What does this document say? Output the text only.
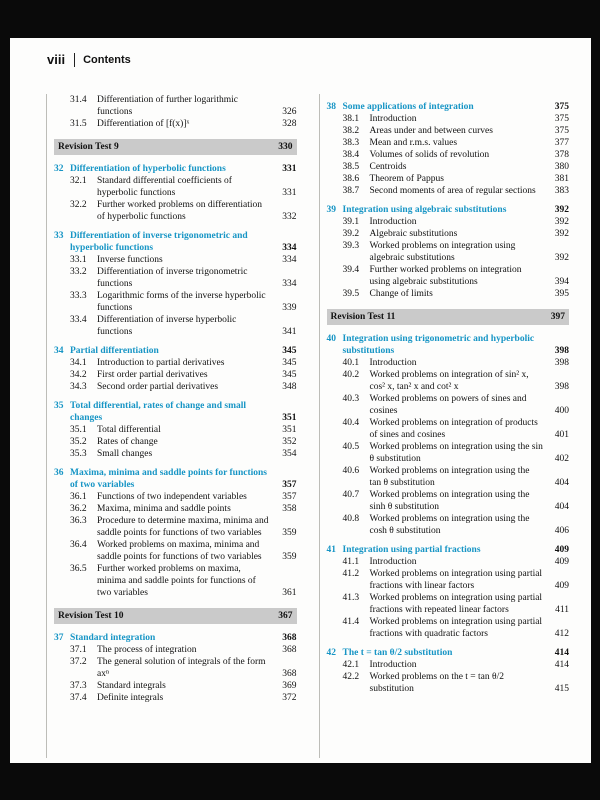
viii Contents
31.4	Differentiation of further logarithmic functions	326
31.5	Differentiation of [f(x)]ˣ	328
Revision Test 9	330
32 Differentiation of hyperbolic functions	331
32.1	Standard differential coefficients of hyperbolic functions	331
32.2	Further worked problems on differentiation of hyperbolic functions	332
33 Differentiation of inverse trigonometric and hyperbolic functions	334
33.1	Inverse functions	334
33.2	Differentiation of inverse trigonometric functions	334
33.3	Logarithmic forms of the inverse hyperbolic functions	339
33.4	Differentiation of inverse hyperbolic functions	341
34 Partial differentiation	345
34.1	Introduction to partial derivatives	345
34.2	First order partial derivatives	345
34.3	Second order partial derivatives	348
35 Total differential, rates of change and small changes	351
35.1	Total differential	351
35.2	Rates of change	352
35.3	Small changes	354
36 Maxima, minima and saddle points for functions of two variables	357
36.1	Functions of two independent variables	357
36.2	Maxima, minima and saddle points	358
36.3	Procedure to determine maxima, minima and saddle points for functions of two variables	359
36.4	Worked problems on maxima, minima and saddle points for functions of two variables	359
36.5	Further worked problems on maxima, minima and saddle points for functions of two variables	361
Revision Test 10	367
37 Standard integration	368
37.1	The process of integration	368
37.2	The general solution of integrals of the form axⁿ	368
37.3	Standard integrals	369
37.4	Definite integrals	372
38 Some applications of integration	375
38.1	Introduction	375
38.2	Areas under and between curves	375
38.3	Mean and r.m.s. values	377
38.4	Volumes of solids of revolution	378
38.5	Centroids	380
38.6	Theorem of Pappus	381
38.7	Second moments of area of regular sections	383
39 Integration using algebraic substitutions	392
39.1	Introduction	392
39.2	Algebraic substitutions	392
39.3	Worked problems on integration using algebraic substitutions	392
39.4	Further worked problems on integration using algebraic substitutions	394
39.5	Change of limits	395
Revision Test 11	397
40 Integration using trigonometric and hyperbolic substitutions	398
40.1	Introduction	398
40.2	Worked problems on integration of sin² x, cos² x, tan² x and cot² x	398
40.3	Worked problems on powers of sines and cosines	400
40.4	Worked problems on integration of products of sines and cosines	401
40.5	Worked problems on integration using the sin θ substitution	402
40.6	Worked problems on integration using the tan θ substitution	404
40.7	Worked problems on integration using the sinh θ substitution	404
40.8	Worked problems on integration using the cosh θ substitution	406
41 Integration using partial fractions	409
41.1	Introduction	409
41.2	Worked problems on integration using partial fractions with linear factors	409
41.3	Worked problems on integration using partial fractions with repeated linear factors	411
41.4	Worked problems on integration using partial fractions with quadratic factors	412
42 The t = tan θ/2 substitution	414
42.1	Introduction	414
42.2	Worked problems on the t = tan θ/2 substitution	415
